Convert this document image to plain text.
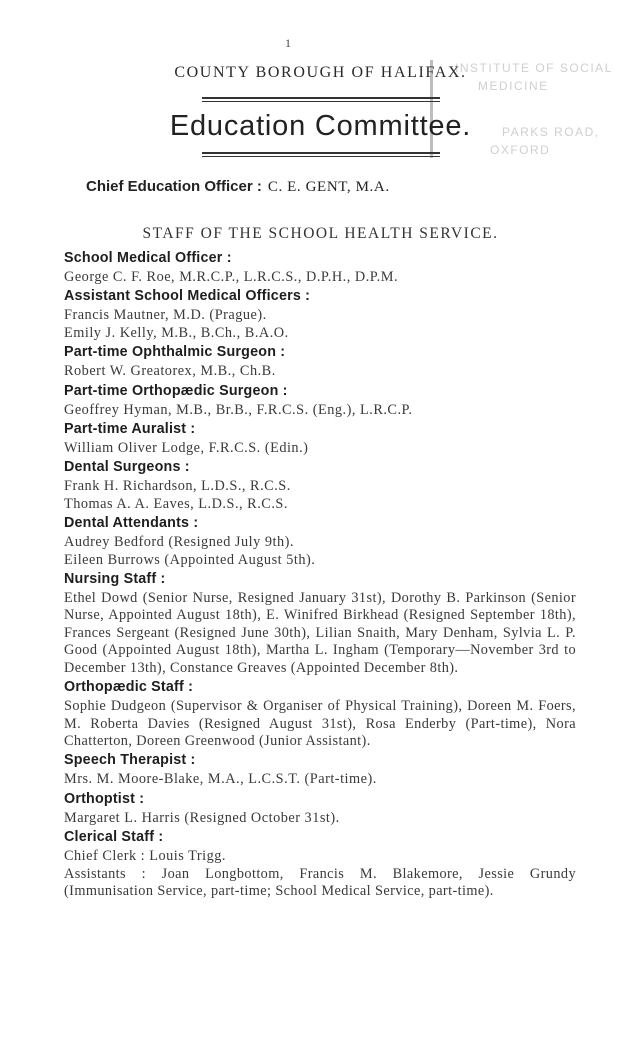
1
INSTITUTE OF SOCIAL
MEDICINE
PARKS ROAD,
OXFORD
COUNTY BOROUGH OF HALIFAX.
Education Committee.
Chief Education Officer : C. E. GENT, M.A.
STAFF OF THE SCHOOL HEALTH SERVICE.
School Medical Officer :
George C. F. Roe, M.R.C.P., L.R.C.S., D.P.H., D.P.M.
Assistant School Medical Officers :
Francis Mautner, M.D. (Prague).
Emily J. Kelly, M.B., B.Ch., B.A.O.
Part-time Ophthalmic Surgeon :
Robert W. Greatorex, M.B., Ch.B.
Part-time Orthopædic Surgeon :
Geoffrey Hyman, M.B., Br.B., F.R.C.S. (Eng.), L.R.C.P.
Part-time Auralist :
William Oliver Lodge, F.R.C.S. (Edin.)
Dental Surgeons :
Frank H. Richardson, L.D.S., R.C.S.
Thomas A. A. Eaves, L.D.S., R.C.S.
Dental Attendants :
Audrey Bedford (Resigned July 9th).
Eileen Burrows (Appointed August 5th).
Nursing Staff :
Ethel Dowd (Senior Nurse, Resigned January 31st), Dorothy B. Parkinson (Senior Nurse, Appointed August 18th), E. Winifred Birkhead (Resigned September 18th), Frances Sergeant (Resigned June 30th), Lilian Snaith, Mary Denham, Sylvia L. P. Good (Appointed August 18th), Martha L. Ingham (Temporary—November 3rd to December 13th), Constance Greaves (Appointed December 8th).
Orthopædic Staff :
Sophie Dudgeon (Supervisor & Organiser of Physical Training), Doreen M. Foers, M. Roberta Davies (Resigned August 31st), Rosa Enderby (Part-time), Nora Chatterton, Doreen Greenwood (Junior Assistant).
Speech Therapist :
Mrs. M. Moore-Blake, M.A., L.C.S.T. (Part-time).
Orthoptist :
Margaret L. Harris (Resigned October 31st).
Clerical Staff :
Chief Clerk : Louis Trigg.
Assistants : Joan Longbottom, Francis M. Blakemore, Jessie Grundy (Immunisation Service, part-time; School Medical Service, part-time).
